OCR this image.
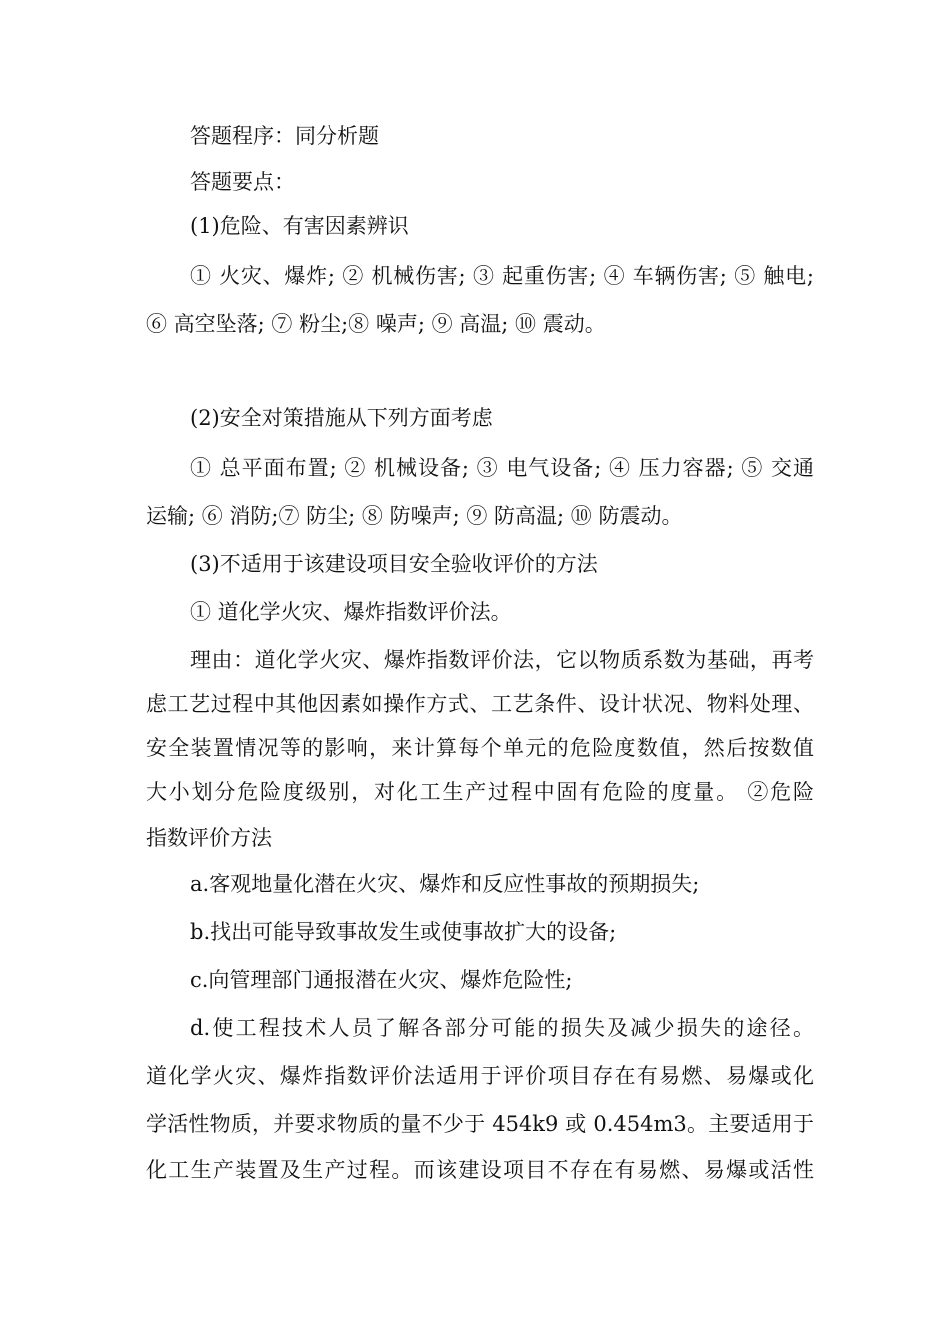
答题程序：同分析题
答题要点：
(1)危险、有害因素辨识
① 火灾、爆炸; ② 机械伤害; ③ 起重伤害; ④ 车辆伤害; ⑤ 触电;
⑥ 高空坠落; ⑦ 粉尘;⑧ 噪声; ⑨ 高温; ⑩ 震动。
(2)安全对策措施从下列方面考虑
① 总平面布置; ② 机械设备; ③ 电气设备; ④ 压力容器; ⑤ 交通
运输; ⑥ 消防;⑦ 防尘; ⑧ 防噪声; ⑨ 防高温; ⑩ 防震动。
(3)不适用于该建设项目安全验收评价的方法
① 道化学火灾、爆炸指数评价法。
理由：道化学火灾、爆炸指数评价法，它以物质系数为基础，再考
虑工艺过程中其他因素如操作方式、工艺条件、设计状况、物料处理、
安全装置情况等的影响，来计算每个单元的危险度数值，然后按数值
大小划分危险度级别，对化工生产过程中固有危险的度量。 ②危险
指数评价方法
a.客观地量化潜在火灾、爆炸和反应性事故的预期损失;
b.找出可能导致事故发生或使事故扩大的设备;
c.向管理部门通报潜在火灾、爆炸危险性;
d.使工程技术人员了解各部分可能的损失及减少损失的途径。
道化学火灾、爆炸指数评价法适用于评价项目存在有易燃、易爆或化
学活性物质，并要求物质的量不少于 454k9 或 0.454m3。主要适用于
化工生产装置及生产过程。而该建设项目不存在有易燃、易爆或活性
